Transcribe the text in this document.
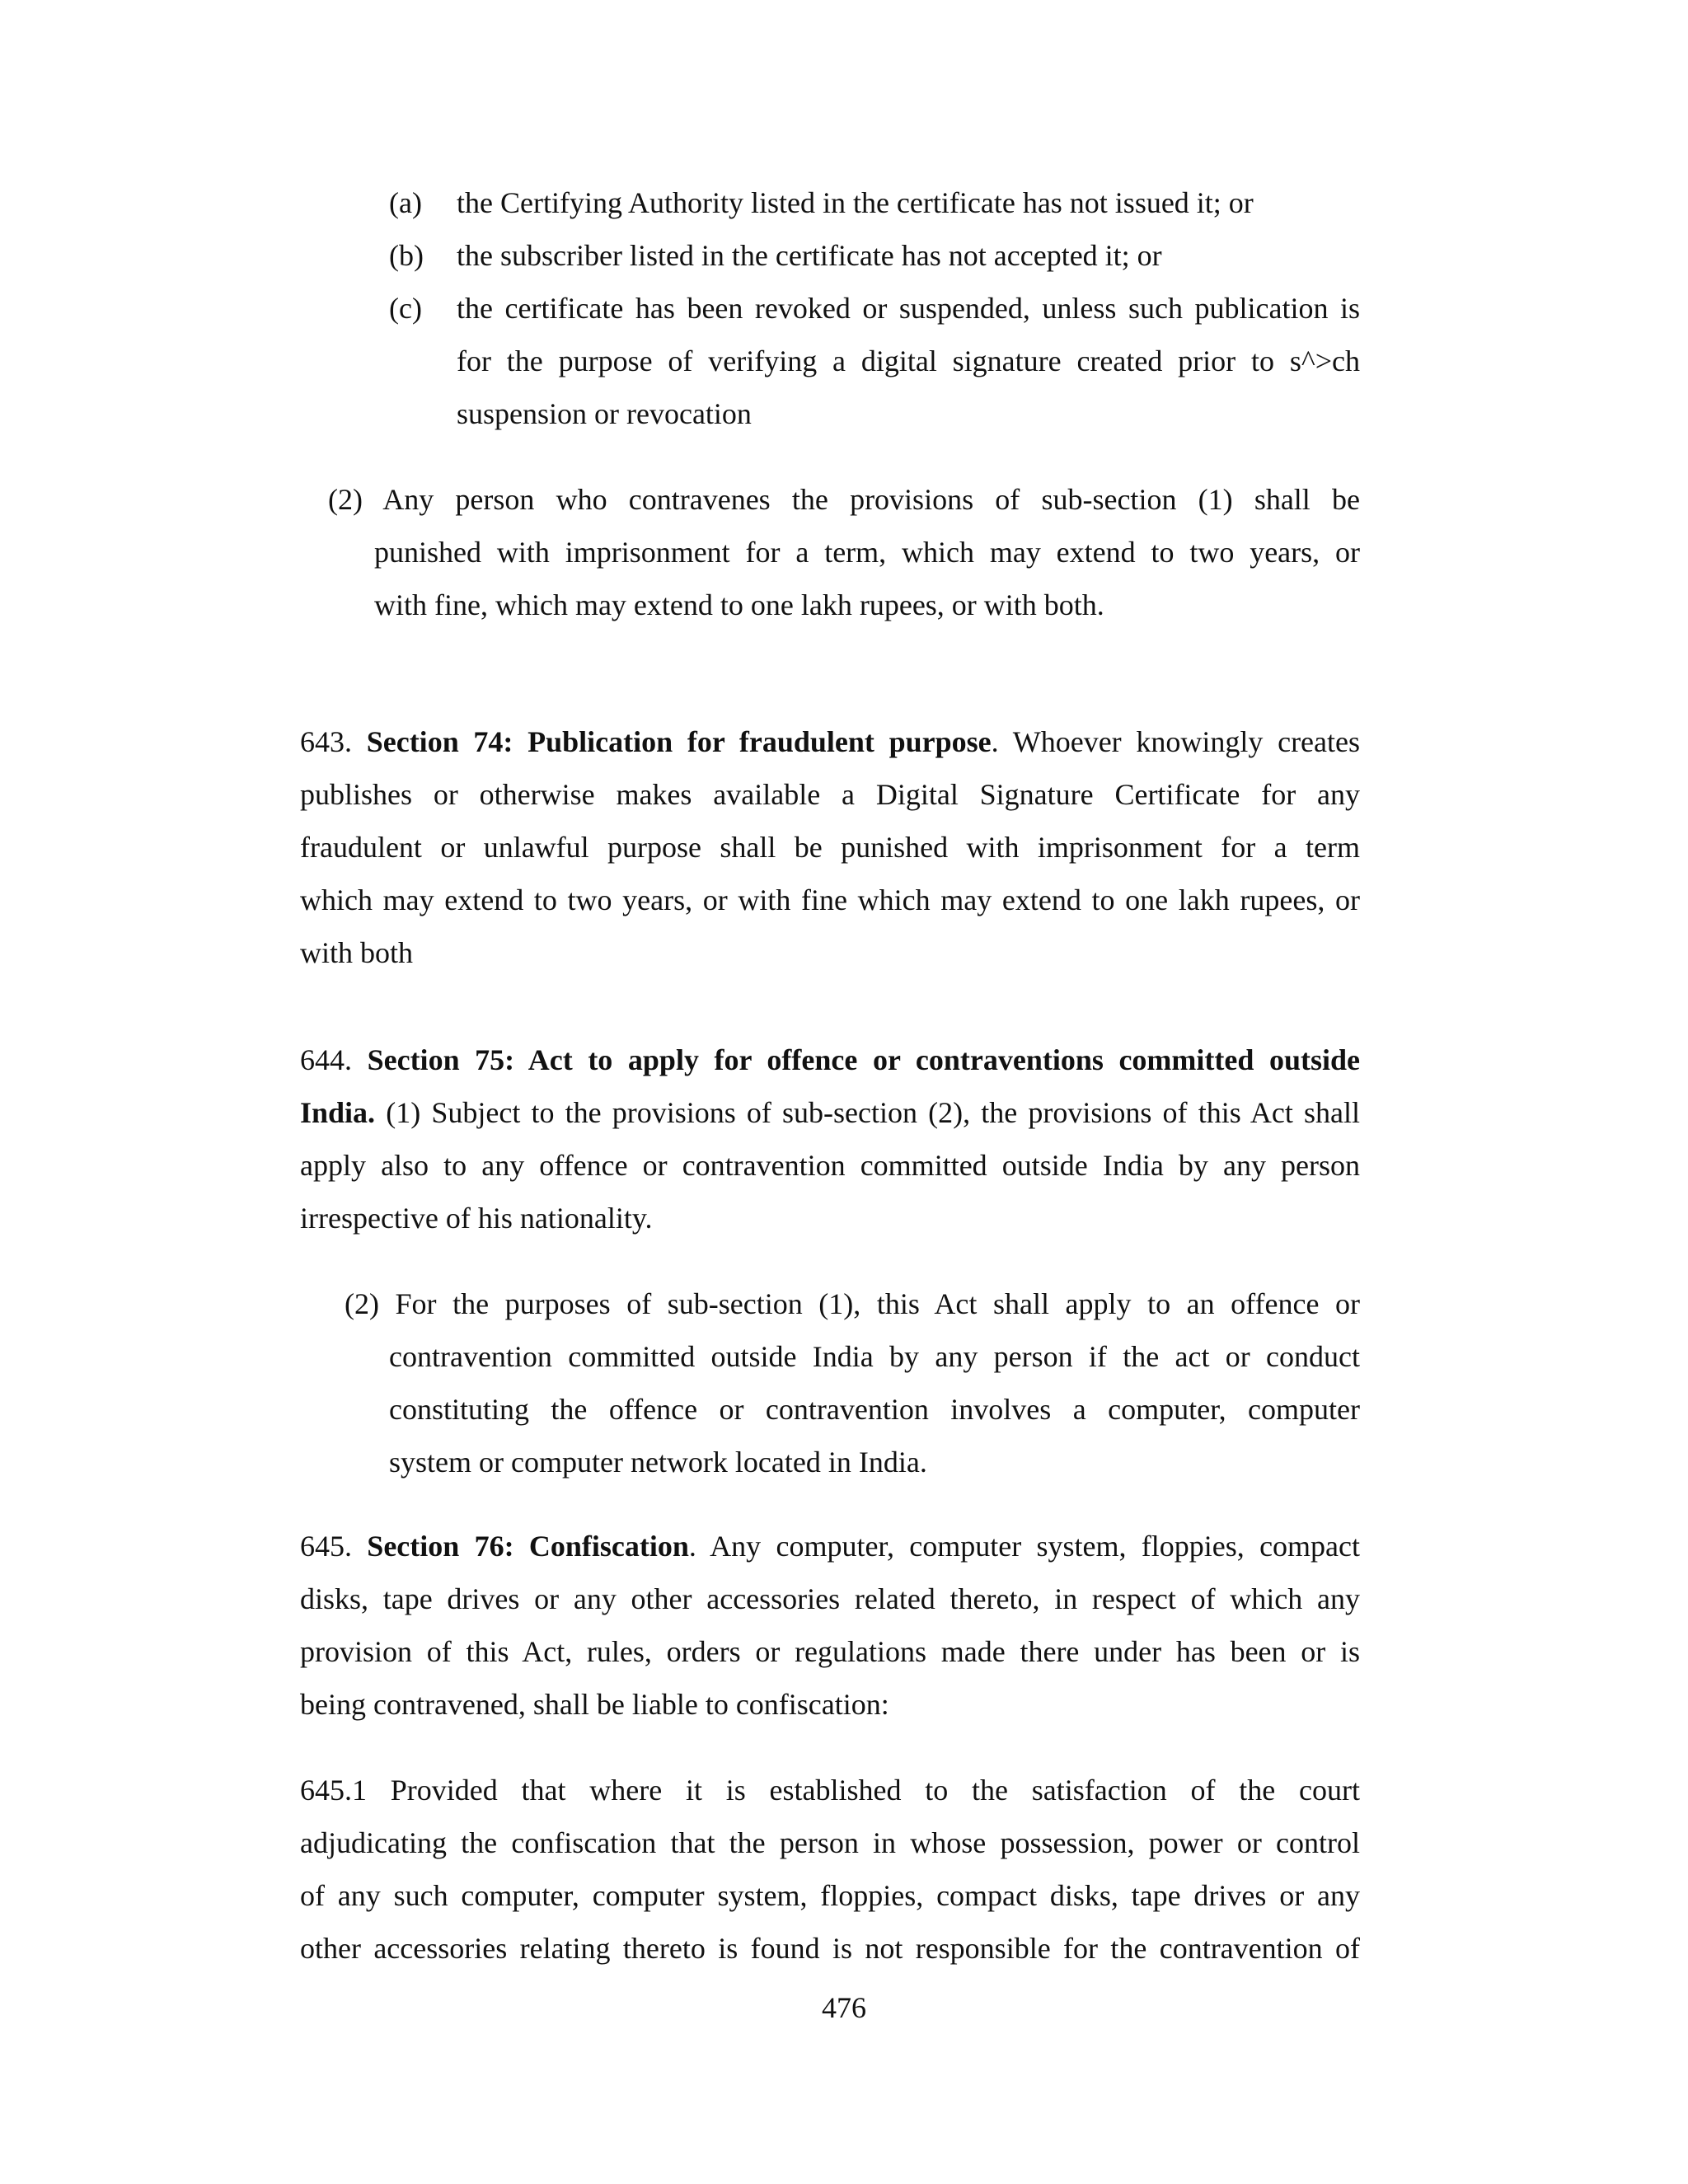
(a) the Certifying Authority listed in the certificate has not issued it; or
(b) the subscriber listed in the certificate has not accepted it; or
(c) the certificate has been revoked or suspended, unless such publication is
for the purpose of verifying a digital signature created prior to s^>ch
suspension or revocation
(2) Any person who contravenes the provisions of sub-section (1) shall be
punished with imprisonment for a term, which may extend to two years, or
with fine, which may extend to one lakh rupees, or with both.
643. Section 74: Publication for fraudulent purpose. Whoever knowingly creates
publishes or otherwise makes available a Digital Signature Certificate for any
fraudulent or unlawful purpose shall be punished with imprisonment for a term
which may extend to two years, or with fine which may extend to one lakh rupees, or
with both
644. Section 75: Act to apply for offence or contraventions committed outside
India. (1) Subject to the provisions of sub-section (2), the provisions of this Act shall
apply also to any offence or contravention committed outside India by any person
irrespective of his nationality.
(2) For the purposes of sub-section (1), this Act shall apply to an offence or
contravention committed outside India by any person if the act or conduct
constituting the offence or contravention involves a computer, computer
system or computer network located in India.
645. Section 76: Confiscation. Any computer, computer system, floppies, compact
disks, tape drives or any other accessories related thereto, in respect of which any
provision of this Act, rules, orders or regulations made there under has been or is
being contravened, shall be liable to confiscation:
645.1 Provided that where it is established to the satisfaction of the court
adjudicating the confiscation that the person in whose possession, power or control
of any such computer, computer system, floppies, compact disks, tape drives or any
other accessories relating thereto is found is not responsible for the contravention of
476
